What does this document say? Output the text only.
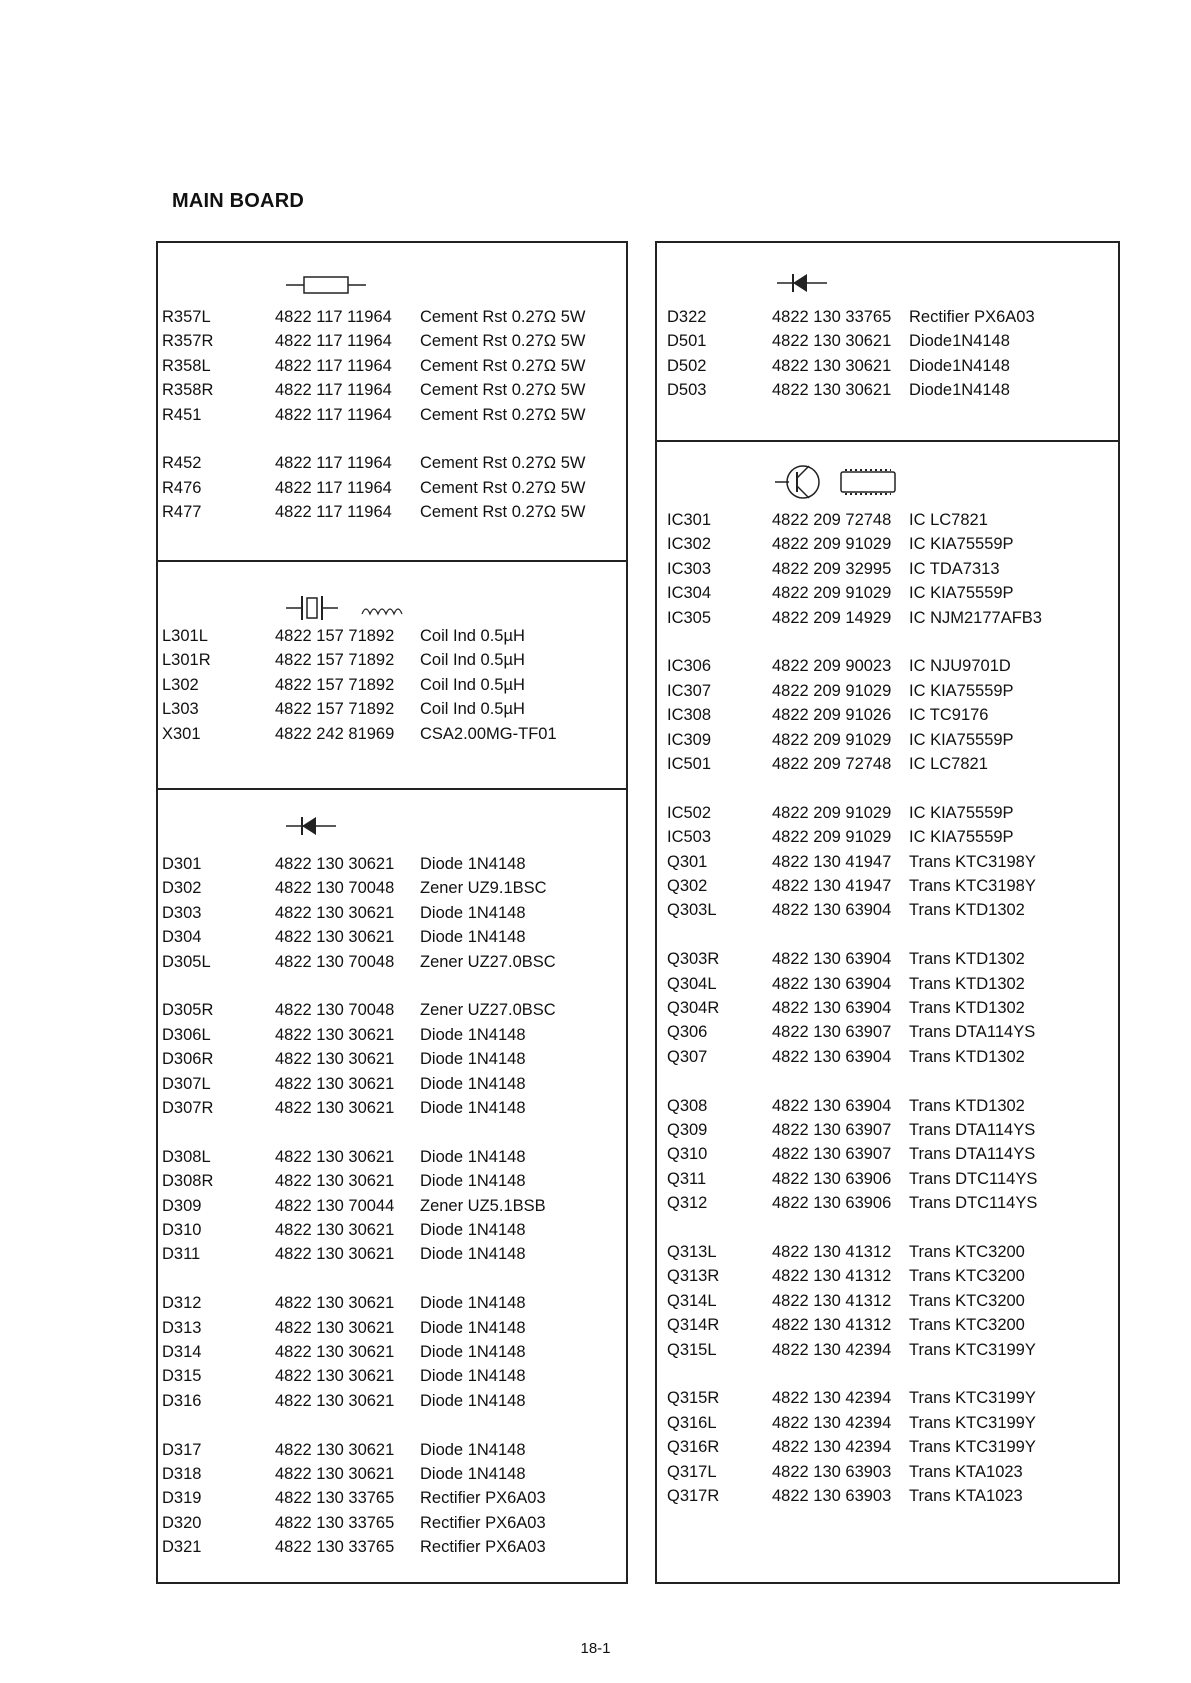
MAIN BOARD
R357L	4822 117 11964 Cement Rst 0.27Ω 5W
R357R	4822 117 11964 Cement Rst 0.27Ω 5W
R358L	4822 117 11964 Cement Rst 0.27Ω 5W
R358R	4822 117 11964 Cement Rst 0.27Ω 5W
R451	4822 117 11964 Cement Rst 0.27Ω 5W
R452	4822 117 11964 Cement Rst 0.27Ω 5W
R476	4822 117 11964 Cement Rst 0.27Ω 5W
R477	4822 117 11964 Cement Rst 0.27Ω 5W
L301L	4822 157 71892 Coil Ind 0.5µH
L301R	4822 157 71892 Coil Ind 0.5µH
L302	4822 157 71892 Coil Ind 0.5µH
L303	4822 157 71892 Coil Ind 0.5µH
X301	4822 242 81969 CSA2.00MG-TF01
D301	4822 130 30621 Diode 1N4148
D302	4822 130 70048 Zener UZ9.1BSC
D303	4822 130 30621 Diode 1N4148
D304	4822 130 30621 Diode 1N4148
D305L	4822 130 70048 Zener UZ27.0BSC
D305R	4822 130 70048 Zener UZ27.0BSC
D306L	4822 130 30621 Diode 1N4148
D306R	4822 130 30621 Diode 1N4148
D307L	4822 130 30621 Diode 1N4148
D307R	4822 130 30621 Diode 1N4148
D308L	4822 130 30621 Diode 1N4148
D308R	4822 130 30621 Diode 1N4148
D309	4822 130 70044 Zener UZ5.1BSB
D310	4822 130 30621 Diode 1N4148
D311	4822 130 30621 Diode 1N4148
D312	4822 130 30621 Diode 1N4148
D313	4822 130 30621 Diode 1N4148
D314	4822 130 30621 Diode 1N4148
D315	4822 130 30621 Diode 1N4148
D316	4822 130 30621 Diode 1N4148
D317	4822 130 30621 Diode 1N4148
D318	4822 130 30621 Diode 1N4148
D319	4822 130 33765 Rectifier PX6A03
D320	4822 130 33765 Rectifier PX6A03
D321	4822 130 33765 Rectifier PX6A03
D322	4822 130 33765 Rectifier PX6A03
D501	4822 130 30621 Diode1N4148
D502	4822 130 30621 Diode1N4148
D503	4822 130 30621 Diode1N4148
IC301	4822 209 72748 IC LC7821
IC302	4822 209 91029 IC KIA75559P
IC303	4822 209 32995 IC TDA7313
IC304	4822 209 91029 IC KIA75559P
IC305	4822 209 14929 IC NJM2177AFB3
IC306	4822 209 90023 IC NJU9701D
IC307	4822 209 91029 IC KIA75559P
IC308	4822 209 91026 IC TC9176
IC309	4822 209 91029 IC KIA75559P
IC501	4822 209 72748 IC LC7821
IC502	4822 209 91029 IC KIA75559P
IC503	4822 209 91029 IC KIA75559P
Q301	4822 130 41947 Trans KTC3198Y
Q302	4822 130 41947 Trans KTC3198Y
Q303L	4822 130 63904 Trans KTD1302
Q303R	4822 130 63904 Trans KTD1302
Q304L	4822 130 63904 Trans KTD1302
Q304R	4822 130 63904 Trans KTD1302
Q306	4822 130 63907 Trans DTA114YS
Q307	4822 130 63904 Trans KTD1302
Q308	4822 130 63904 Trans KTD1302
Q309	4822 130 63907 Trans DTA114YS
Q310	4822 130 63907 Trans DTA114YS
Q311	4822 130 63906 Trans DTC114YS
Q312	4822 130 63906 Trans DTC114YS
Q313L	4822 130 41312 Trans KTC3200
Q313R	4822 130 41312 Trans KTC3200
Q314L	4822 130 41312 Trans KTC3200
Q314R	4822 130 41312 Trans KTC3200
Q315L	4822 130 42394 Trans KTC3199Y
Q315R	4822 130 42394 Trans KTC3199Y
Q316L	4822 130 42394 Trans KTC3199Y
Q316R	4822 130 42394 Trans KTC3199Y
Q317L	4822 130 63903 Trans KTA1023
Q317R	4822 130 63903 Trans KTA1023
18-1
